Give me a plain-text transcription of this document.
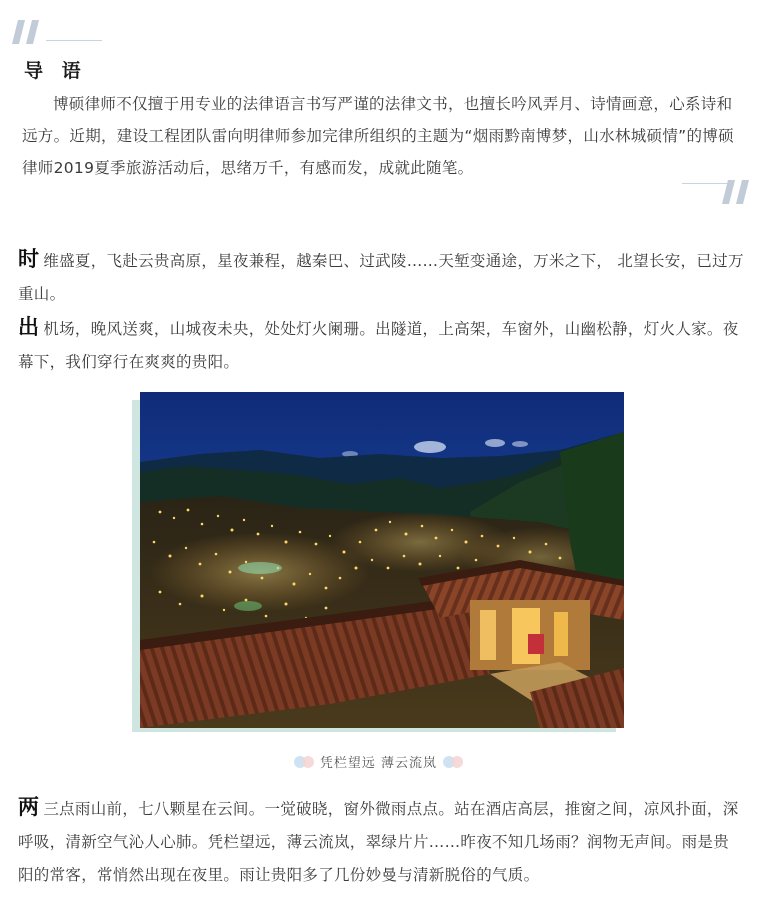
导 语
博硕律师不仅擅于用专业的法律语言书写严谨的法律文书，也擅长吟风弄月、诗情画意，心系诗和远方。近期，建设工程团队雷向明律师参加完律所组织的主题为“烟雨黔南博梦，山水林城硕情”的博硕律师2019夏季旅游活动后，思绪万千，有感而发，成就此随笔。
时 维盛夏，飞赴云贵高原，星夜兼程，越秦巴、过武陵……天堑变通途，万米之下， 北望长安，已过万重山。
出 机场，晚风送爽，山城夜未央，处处灯火阑珊。出隧道，上高架，车窗外，山幽松静，灯火人家。夜幕下，我们穿行在爽爽的贵阳。
凭栏望远 薄云流岚
两 三点雨山前，七八颗星在云间。一觉破晓，窗外微雨点点。站在酒店高层，推窗之间，凉风扑面，深呼吸，清新空气沁人心肺。凭栏望远，薄云流岚，翠绿片片……昨夜不知几场雨？润物无声间。雨是贵阳的常客，常悄然出现在夜里。雨让贵阳多了几份妙曼与清新脱俗的气质。
